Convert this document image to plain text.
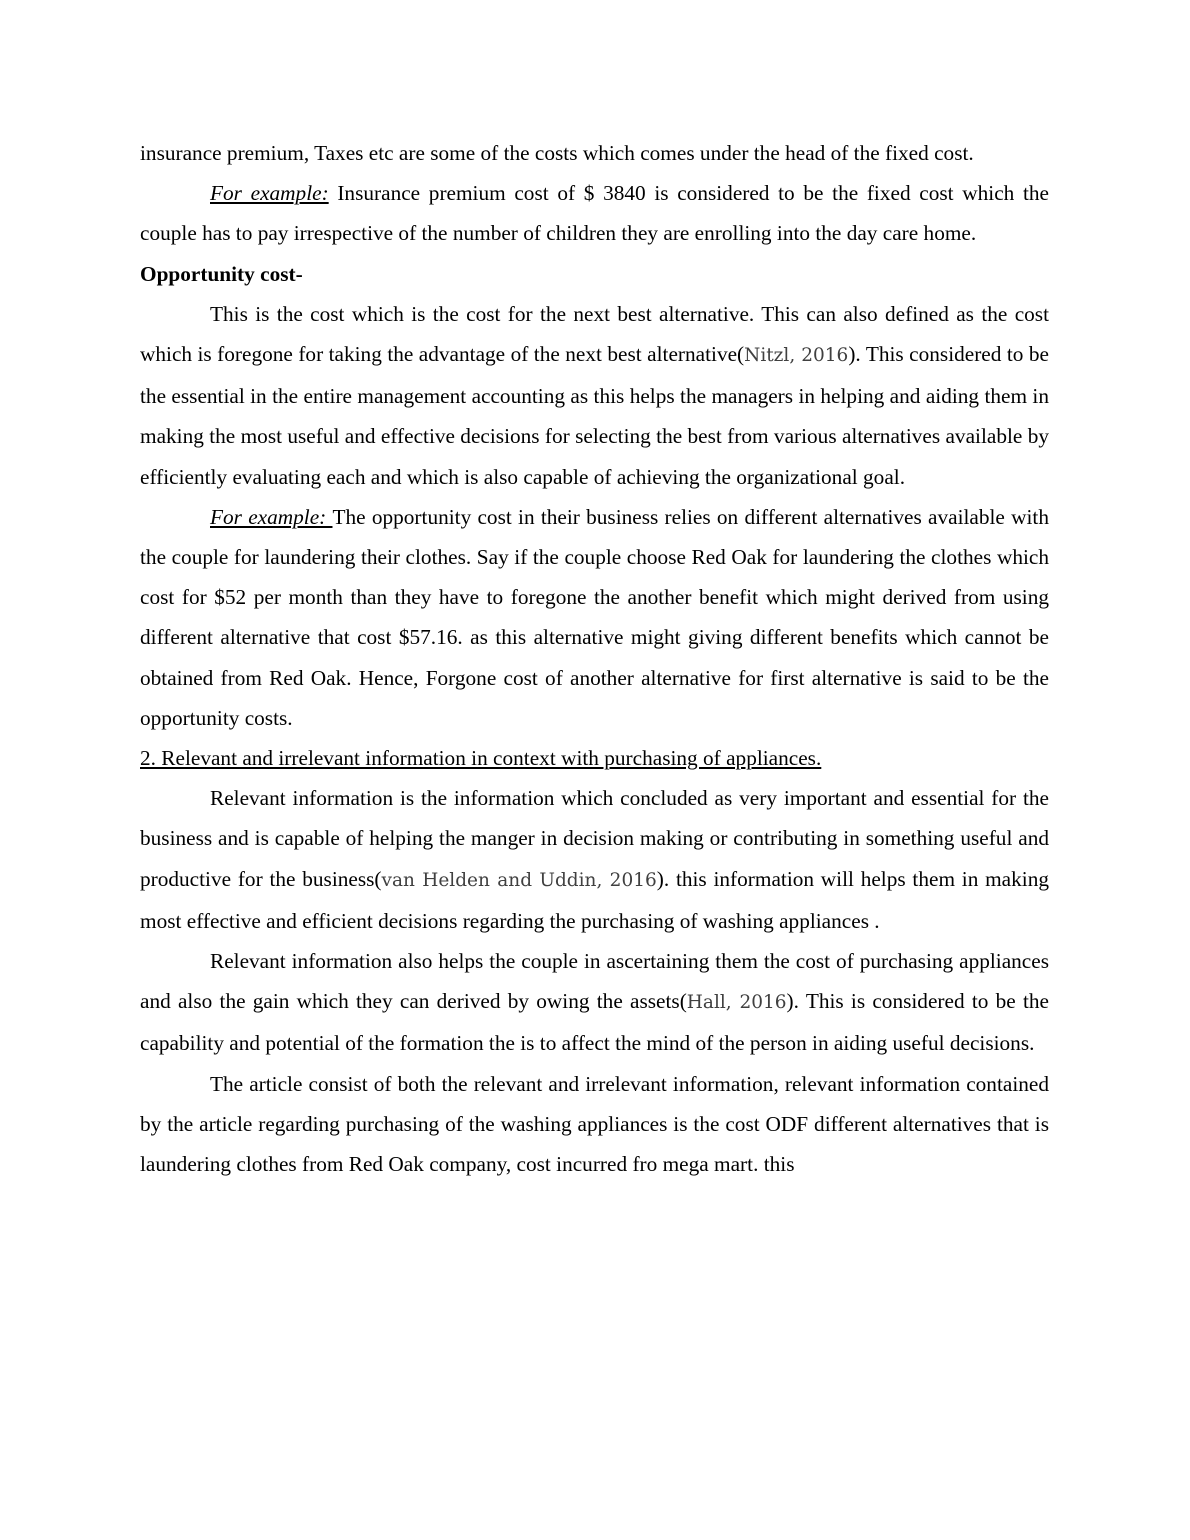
insurance premium, Taxes etc are some of the costs which comes under the head of the fixed cost.

For example: Insurance premium cost of $ 3840 is considered to be the fixed cost which the couple has to pay irrespective of the number of children they are enrolling into the day care home.

Opportunity cost-

This is the cost which is the cost for the next best alternative. This can also defined as the cost which is foregone for taking the advantage of the next best alternative(Nitzl, 2016). This considered to be the essential in the entire management accounting as this helps the managers in helping and aiding them in making the most useful and effective decisions for selecting the best from various alternatives available by efficiently evaluating each and which is also capable of achieving the organizational goal.

For example: The opportunity cost in their business relies on different alternatives available with the couple for laundering their clothes. Say if the couple choose Red Oak for laundering the clothes which cost for $52 per month than they have to foregone the another benefit which might derived from using different alternative that cost $57.16. as this alternative might giving different benefits which cannot be obtained from Red Oak. Hence, Forgone cost of another alternative for first alternative is said to be the opportunity costs.

2. Relevant and irrelevant information in context with purchasing of appliances.

Relevant information is the information which concluded as very important and essential for the business and is capable of helping the manger in decision making or contributing in something useful and productive for the business(van Helden and Uddin, 2016). this information will helps them in making most effective and efficient decisions regarding the purchasing of washing appliances .

Relevant information also helps the couple in ascertaining them the cost of purchasing appliances and also the gain which they can derived by owing the assets(Hall, 2016). This is considered to be the capability and potential of the formation the is to affect the mind of the person in aiding useful decisions.

The article consist of both the relevant and irrelevant information, relevant information contained by the article regarding purchasing of the washing appliances is the cost ODF different alternatives that is laundering clothes from Red Oak company, cost incurred fro mega mart. this
